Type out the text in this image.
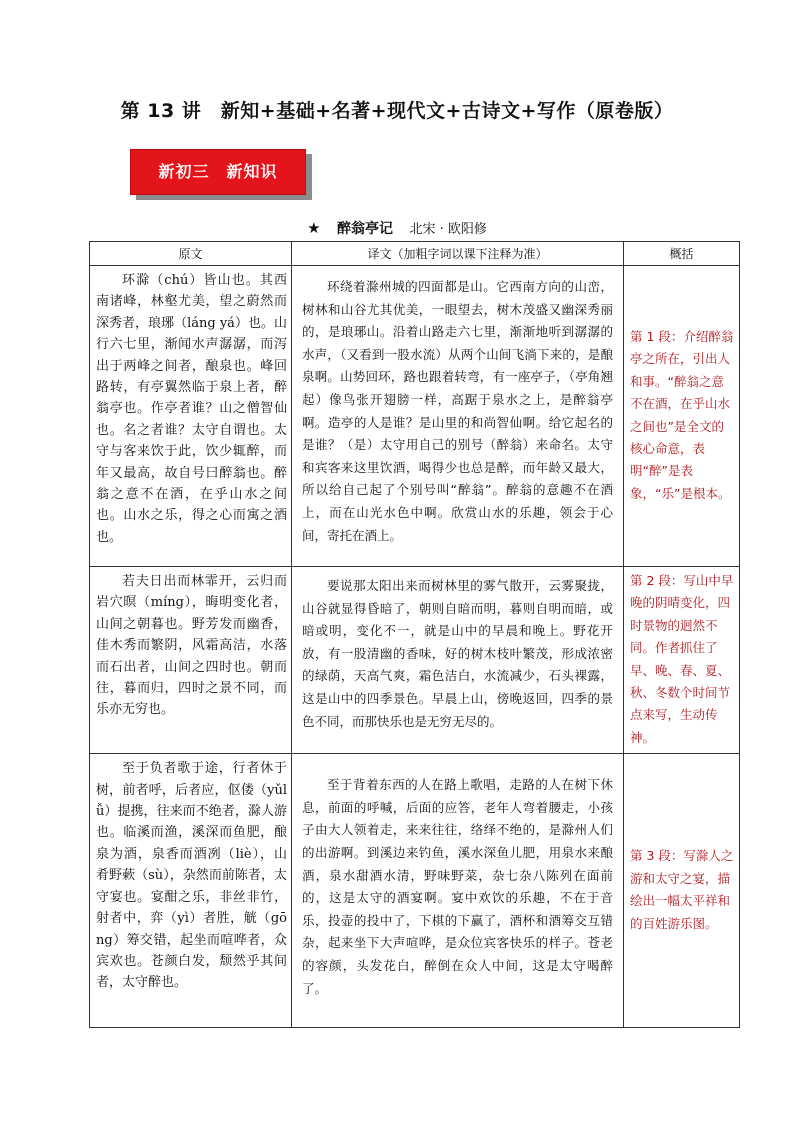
第 13 讲　新知+基础+名著+现代文+古诗文+写作（原卷版）
新初三　新知识
★ 醉翁亭记 北宋 · 欧阳修
原文	译文（加粗字词以课下注释为准）	概括

环滁（chú）皆山也。其西南诸峰，林壑尤美，望之蔚然而深秀者，琅琊（láng yá）也。山行六七里，渐闻水声潺潺，而泻出于两峰之间者，酿泉也。峰回路转，有亭翼然临于泉上者，醉翁亭也。作亭者谁？山之僧智仙也。名之者谁？太守自谓也。太守与客来饮于此，饮少辄醉，而年又最高，故自号曰醉翁也。醉翁之意不在酒，在乎山水之间也。山水之乐，得之心而寓之酒也。	环绕着滁州城的四面都是山。它西南方向的山峦，树林和山谷尤其优美，一眼望去，树木茂盛又幽深秀丽的，是琅琊山。沿着山路走六七里，渐渐地听到潺潺的水声，（又看到一股水流）从两个山间飞淌下来的，是酿泉啊。山势回环，路也跟着转弯，有一座亭子，（亭角翘起）像鸟张开翅膀一样，高踞于泉水之上，是醉翁亭啊。造亭的人是谁？是山里的和尚智仙啊。给它起名的是谁？（是）太守用自己的别号（醉翁）来命名。太守和宾客来这里饮酒，喝得少也总是醉，而年龄又最大，所以给自己起了个别号叫“醉翁”。醉翁的意趣不在酒上，而在山光水色中啊。欣赏山水的乐趣，领会于心间，寄托在酒上。	第 1 段：介绍醉翁亭之所在，引出人和事。“醉翁之意不在酒，在乎山水之间也”是全文的核心命意，表明“醉”是表象，“乐”是根本。

若夫日出而林霏开，云归而岩穴暝（míng），晦明变化者，山间之朝暮也。野芳发而幽香，佳木秀而繁阴，风霜高洁，水落而石出者，山间之四时也。朝而往，暮而归，四时之景不同，而乐亦无穷也。	要说那太阳出来而树林里的雾气散开，云雾聚拢，山谷就显得昏暗了，朝则自暗而明，暮则自明而暗，或暗或明，变化不一，就是山中的早晨和晚上。野花开放，有一股清幽的香味，好的树木枝叶繁茂，形成浓密的绿荫，天高气爽，霜色洁白，水流减少，石头裸露，这是山中的四季景色。早晨上山，傍晚返回，四季的景色不同，而那快乐也是无穷无尽的。	第 2 段：写山中早晚的阴晴变化，四时景物的迥然不同。作者抓住了早、晚、春、夏、秋、冬数个时间节点来写，生动传神。

至于负者歌于途，行者休于树，前者呼，后者应，伛偻（yǔlǚ）提携，往来而不绝者，滁人游也。临溪而渔，溪深而鱼肥，酿泉为酒，泉香而酒冽（liè），山肴野蔌（sù），杂然而前陈者，太守宴也。宴酣之乐，非丝非竹，射者中，弈（yì）者胜，觥（gōng）筹交错，起坐而喧哗者，众宾欢也。苍颜白发，颓然乎其间者，太守醉也。	至于背着东西的人在路上歌唱，走路的人在树下休息，前面的呼喊，后面的应答，老年人弯着腰走，小孩子由大人领着走，来来往往，络绎不绝的，是滁州人们的出游啊。到溪边来钓鱼，溪水深鱼儿肥，用泉水来酿酒，泉水甜酒水清，野味野菜，杂七杂八陈列在面前的，这是太守的酒宴啊。宴中欢饮的乐趣，不在于音乐，投壶的投中了，下棋的下赢了，酒杯和酒筹交互错杂，起来坐下大声喧哗，是众位宾客快乐的样子。苍老的容颜，头发花白，醉倒在众人中间，这是太守喝醉了。	第 3 段：写滁人之游和太守之宴，描绘出一幅太平祥和的百姓游乐图。
